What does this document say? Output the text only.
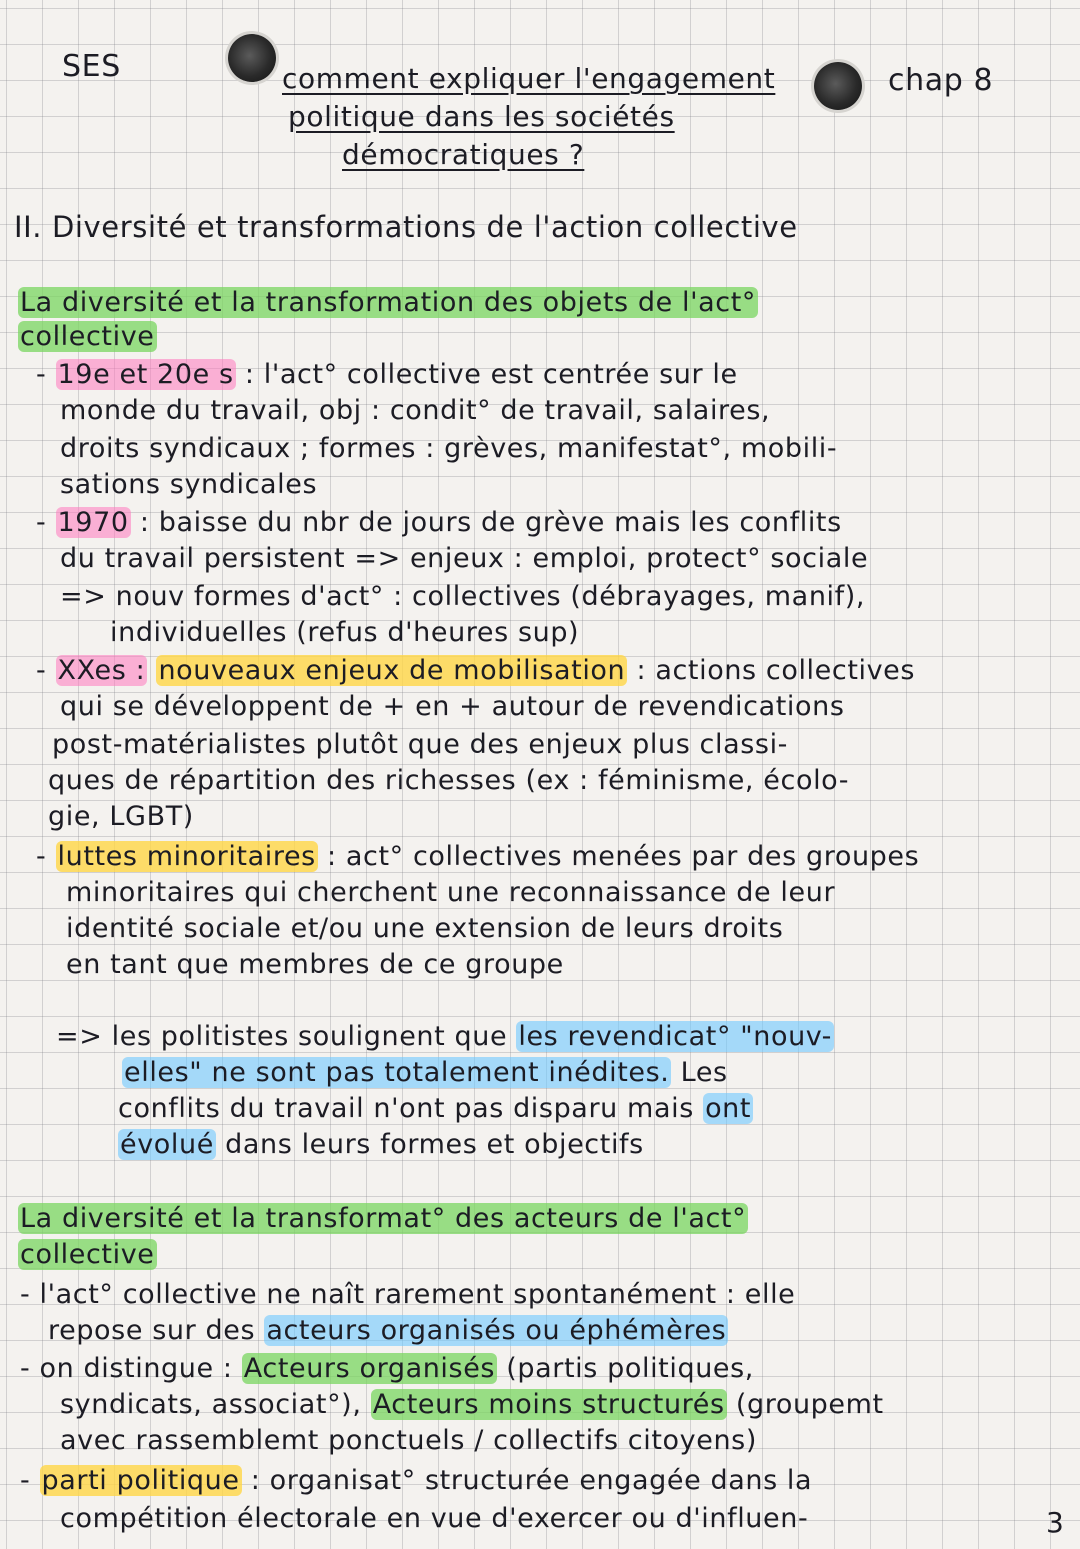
SES	comment expliquer l'engagement
politique dans les sociétés
démocratiques ?
chap 8
II. Diversité et transformations de l'action collective
La diversité et la transformation des objets de l'act°
collective
- 19e et 20e s : l'act° collective est centrée sur le
monde du travail, obj : condit° de travail, salaires,
droits syndicaux ; formes : grèves, manifestat°, mobili-
sations syndicales
- 1970 : baisse du nbr de jours de grève mais les conflits
du travail persistent => enjeux : emploi, protect° sociale
=> nouv formes d'act° : collectives (débrayages, manif),
individuelles (refus d'heures sup)
- XXes : nouveaux enjeux de mobilisation : actions collectives
qui se développent de + en + autour de revendications
post-matérialistes plutôt que des enjeux plus classi-
ques de répartition des richesses (ex : féminisme, écolo-
gie, LGBT)
- luttes minoritaires : act° collectives menées par des groupes
minoritaires qui cherchent une reconnaissance de leur
identité sociale et/ou une extension de leurs droits
en tant que membres de ce groupe
=> les politistes soulignent que les revendicat° "nouv-
elles" ne sont pas totalement inédites. Les
conflits du travail n'ont pas disparu mais ont
évolué dans leurs formes et objectifs
La diversité et la transformat° des acteurs de l'act°
collective
- l'act° collective ne naît rarement spontanément : elle
repose sur des acteurs organisés ou éphémères
- on distingue : Acteurs organisés (partis politiques,
syndicats, associat°), Acteurs moins structurés (groupemt
avec rassemblemt ponctuels / collectifs citoyens)
- parti politique : organisat° structurée engagée dans la
compétition électorale en vue d'exercer ou d'influen-	3
